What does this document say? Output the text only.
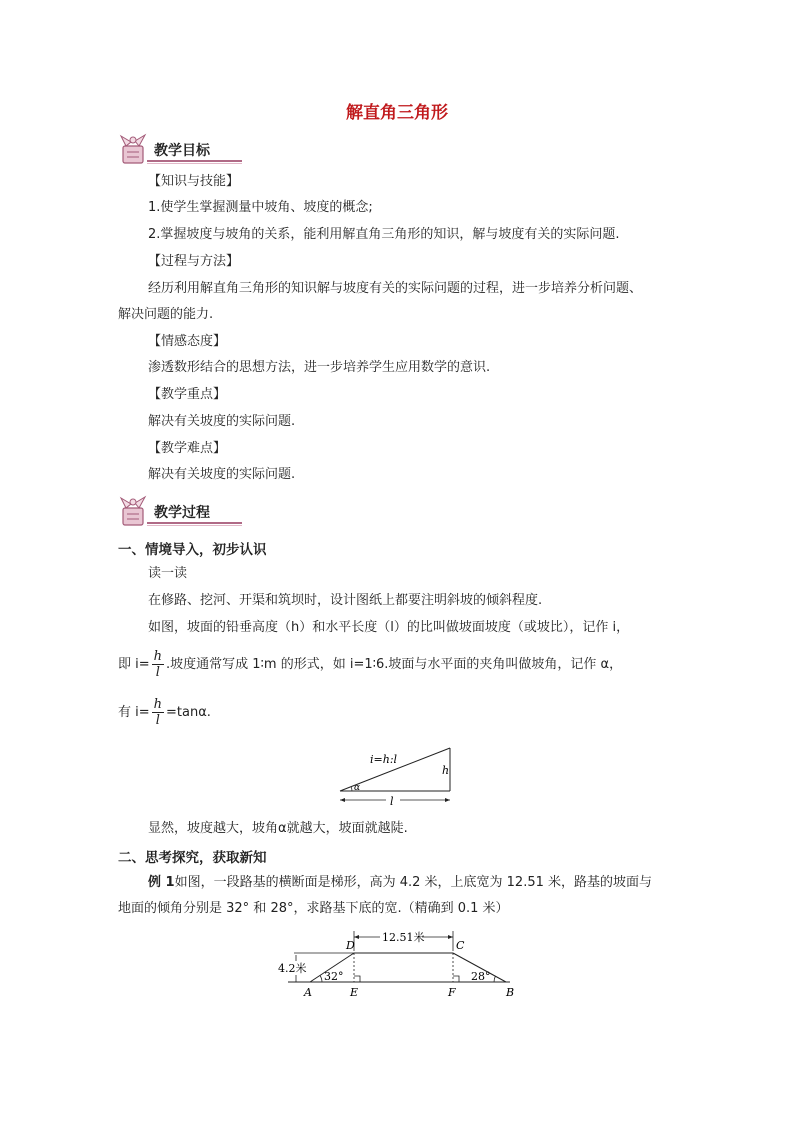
解直角三角形
教学目标
【知识与技能】
1.使学生掌握测量中坡角、坡度的概念;
2.掌握坡度与坡角的关系，能利用解直角三角形的知识，解与坡度有关的实际问题.
【过程与方法】
经历利用解直角三角形的知识解与坡度有关的实际问题的过程，进一步培养分析问题、
解决问题的能力.
【情感态度】
渗透数形结合的思想方法，进一步培养学生应用数学的意识.
【教学重点】
解决有关坡度的实际问题.
【教学难点】
解决有关坡度的实际问题.
教学过程
一、情境导入，初步认识
读一读
在修路、挖河、开渠和筑坝时，设计图纸上都要注明斜坡的倾斜程度.
如图，坡面的铅垂高度（h）和水平长度（l）的比叫做坡面坡度（或坡比），记作 i，
即 $i= \frac{h}{l}$ .坡度通常写成 1∶m 的形式，如 i=1∶6.坡面与水平面的夹角叫做坡角，记作 α，
有 $i= \frac{h}{l} =\tan\alpha$.
α
i=h:l
h
l
显然，坡度越大，坡角α就越大，坡面就越陡.
二、思考探究，获取新知
例 1如图，一段路基的横断面是梯形，高为 4.2 米，上底宽为 12.51 米，路基的坡面与
地面的倾角分别是 32° 和 28°，求路基下底的宽.（精确到 0.1 米）
12.51米
4.2米
32°	28°
D	C
A	E	F	B
